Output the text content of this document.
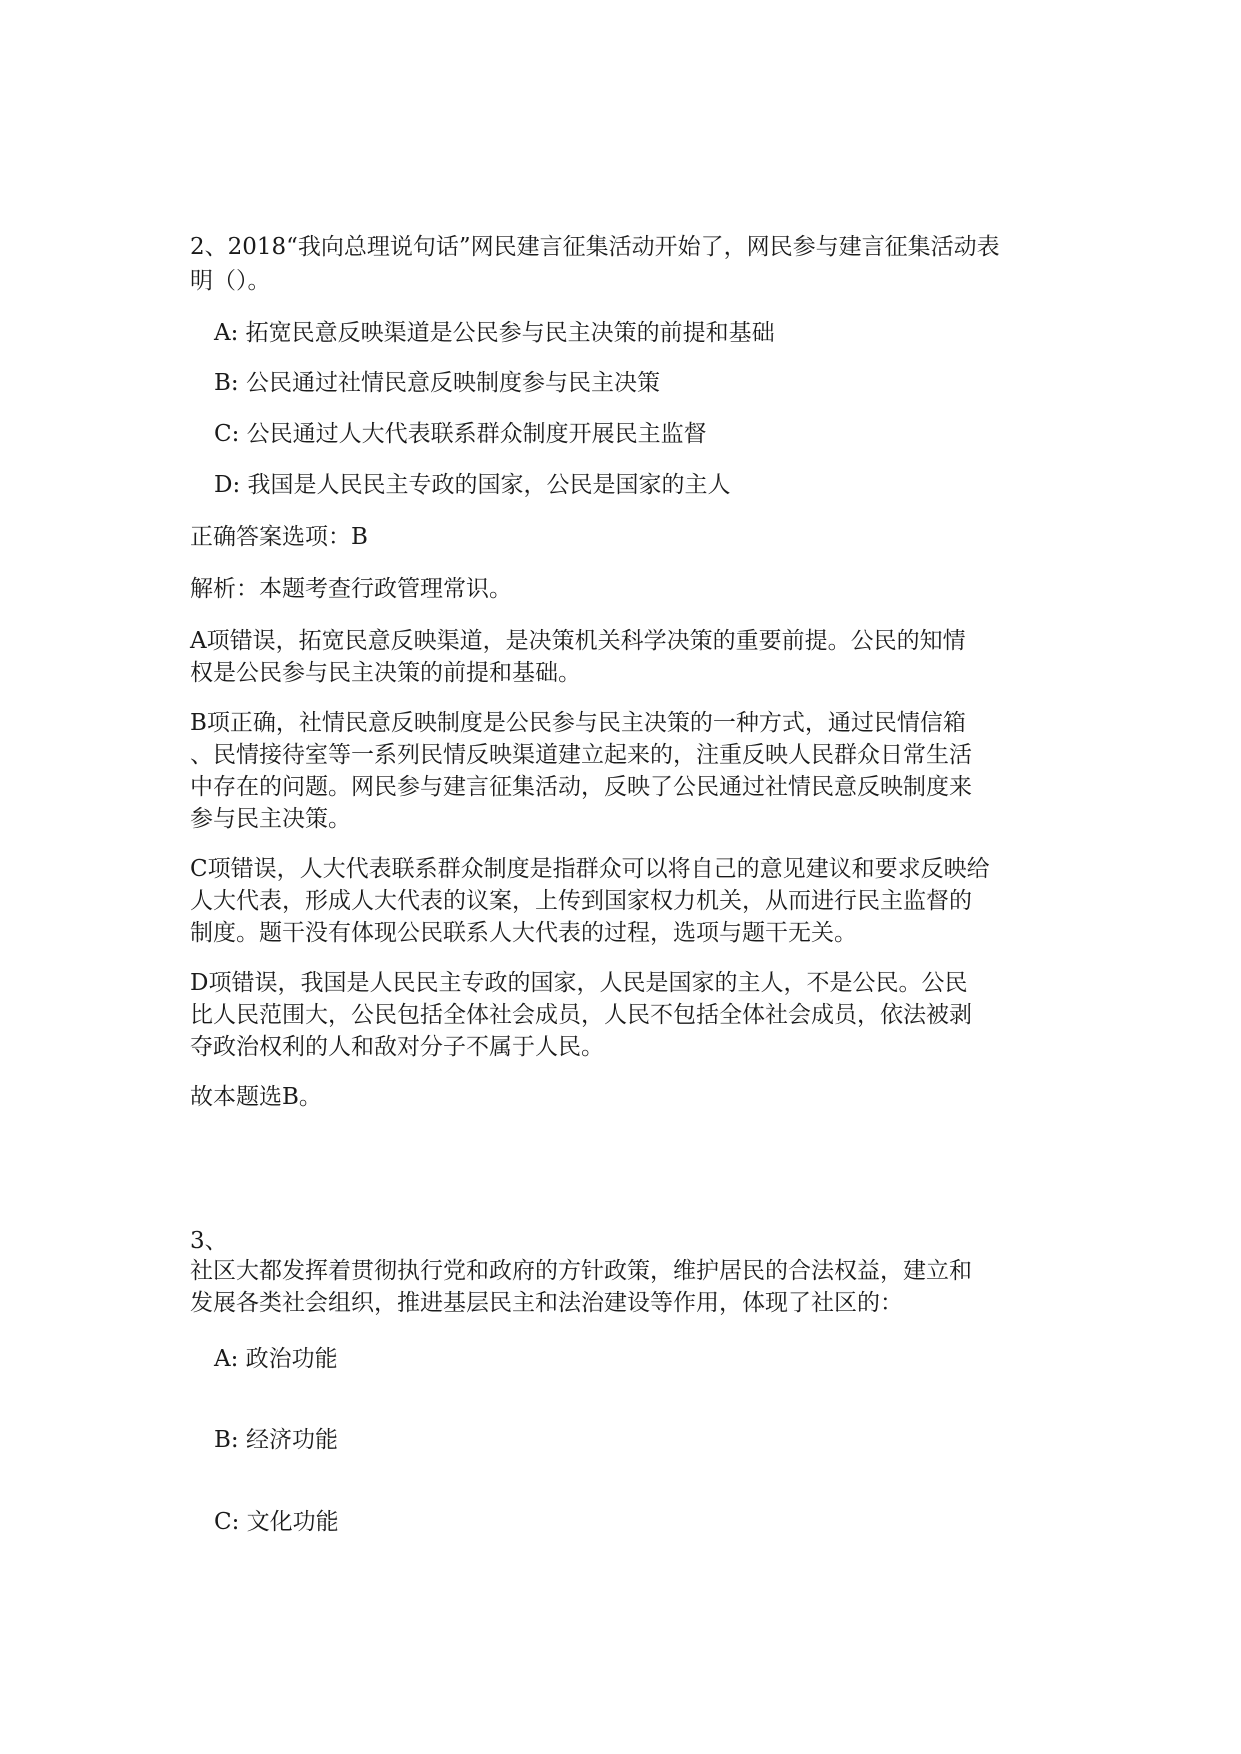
2、2018“我向总理说句话”网民建言征集活动开始了，网民参与建言征集活动表
明（）。
A: 拓宽民意反映渠道是公民参与民主决策的前提和基础
B: 公民通过社情民意反映制度参与民主决策
C: 公民通过人大代表联系群众制度开展民主监督
D: 我国是人民民主专政的国家，公民是国家的主人
正确答案选项：B
解析：本题考查行政管理常识。
A项错误，拓宽民意反映渠道，是决策机关科学决策的重要前提。公民的知情
权是公民参与民主决策的前提和基础。
B项正确，社情民意反映制度是公民参与民主决策的一种方式，通过民情信箱
、民情接待室等一系列民情反映渠道建立起来的，注重反映人民群众日常生活
中存在的问题。网民参与建言征集活动，反映了公民通过社情民意反映制度来
参与民主决策。
C项错误，人大代表联系群众制度是指群众可以将自己的意见建议和要求反映给
人大代表，形成人大代表的议案，上传到国家权力机关，从而进行民主监督的
制度。题干没有体现公民联系人大代表的过程，选项与题干无关。
D项错误，我国是人民民主专政的国家，人民是国家的主人，不是公民。公民
比人民范围大，公民包括全体社会成员，人民不包括全体社会成员，依法被剥
夺政治权利的人和敌对分子不属于人民。
故本题选B。
3、
社区大都发挥着贯彻执行党和政府的方针政策，维护居民的合法权益，建立和
发展各类社会组织，推进基层民主和法治建设等作用，体现了社区的：
A: 政治功能
B: 经济功能
C: 文化功能
